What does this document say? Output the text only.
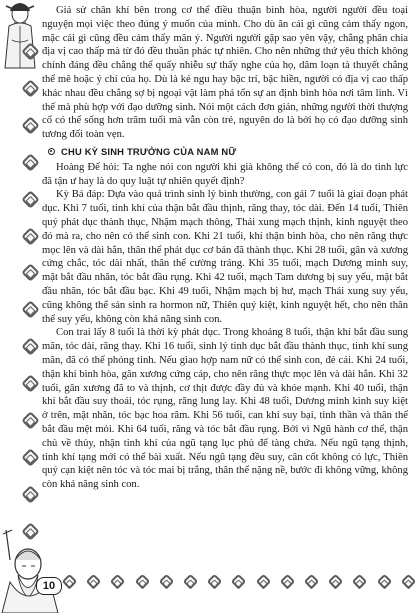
Giả sử chân khí bên trong cơ thể điều thuận bình hòa, người người đều toại nguyện mọi việc theo đúng ý muốn của mình. Cho dù ăn cái gì cũng cảm thấy ngon, mặc cái gì cũng đều cảm thấy mãn ý. Người người gặp sao yên vậy, chẳng phân chia địa vị cao thấp mà từ đó đều thuần phác tự nhiên. Cho nên những thứ yêu thích không chính đáng đều chẳng thể quấy nhiễu sự thấy nghe của họ, dâm loạn tà thuyết chẳng thể mê hoặc ý chí của họ. Dù là kẻ ngu hay bậc trí, bậc hiền, người có địa vị cao thấp khác nhau đều chẳng sợ bị ngoại vật làm phá tổn sự an định bình hòa nơi tâm linh. Vì thế mà phù hợp với đạo dưỡng sinh. Nói một cách đơn giản, những người thời thượng cổ có thể sống hơn trăm tuổi mà vẫn còn trẻ, nguyên do là bởi họ có đạo dưỡng sinh tương đối toàn vẹn.

CHU KỲ SINH TRƯỞNG CỦA NAM NỮ

Hoàng Đế hỏi: Ta nghe nói con người khi già không thể có con, đó là do tinh lực đã tận ư hay là do quy luật tự nhiên quyết định?

Kỳ Bá đáp: Dựa vào quá trình sinh lý bình thường, con gái 7 tuổi là giai đoạn phát dục. Khi 7 tuổi, tinh khí của thận bắt đầu thịnh, răng thay, tóc dài. Đến 14 tuổi, Thiên quý phát dục thành thục, Nhậm mạch thông, Thái xung mạch thịnh, kinh nguyệt theo đó mà ra, cho nên có thể sinh con. Khi 21 tuổi, khí thận bình hòa, cho nên răng thực mọc lên và dài hẳn, thân thể phát dục cơ bản đã thành thục. Khi 28 tuổi, gân và xương cứng chắc, tóc dài nhất, thân thể cường tráng. Khi 35 tuổi, mạch Dương minh suy, mặt bắt đầu nhăn, tóc bắt đầu rụng. Khi 42 tuổi, mạch Tam dương bị suy yếu, mặt bắt đầu nhăn, tóc bắt đầu bạc. Khi 49 tuổi, Nhậm mạch bị hư, mạch Thái xung suy yếu, cũng không thể sản sinh ra hormon nữ, Thiên quý kiệt, kinh nguyệt hết, cho nên thân thể suy yếu, không còn khả năng sinh con.

Con trai lấy 8 tuổi là thời kỳ phát dục. Trong khoảng 8 tuổi, thận khí bắt đầu sung mãn, tóc dài, răng thay. Khi 16 tuổi, sinh lý tinh dục bắt đầu thành thục, tinh khí sung mãn, đã có thể phóng tinh. Nếu giao hợp nam nữ có thể sinh con, đẻ cái. Khi 24 tuổi, thận khí bình hòa, gân xương cứng cáp, cho nên răng thực mọc lên và dài hẳn. Khi 32 tuổi, gân xương đã to và thịnh, cơ thịt được đầy đủ và khỏe mạnh. Khi 40 tuổi, thận khí bắt đầu suy thoái, tóc rụng, răng lung lay. Khi 48 tuổi, Dương minh kinh suy kiệt ở trên, mặt nhăn, tóc bạc hoa râm. Khi 56 tuổi, can khí suy bại, tinh thần và thân thể bắt đầu mệt mỏi. Khi 64 tuổi, răng và tóc bắt đầu rụng. Bởi vì Ngũ hành cơ thể, thận chủ về thủy, nhận tinh khí của ngũ tạng lục phủ để tàng chứa. Nếu ngũ tạng thịnh, tinh khí tạng mới có thể bài xuất. Nếu ngũ tạng đều suy, cân cốt không có lực, Thiên quý cạn kiệt nên tóc và tóc mai bị trắng, thân thể nặng nề, bước đi không vững, không còn khả năng sinh con.

10
